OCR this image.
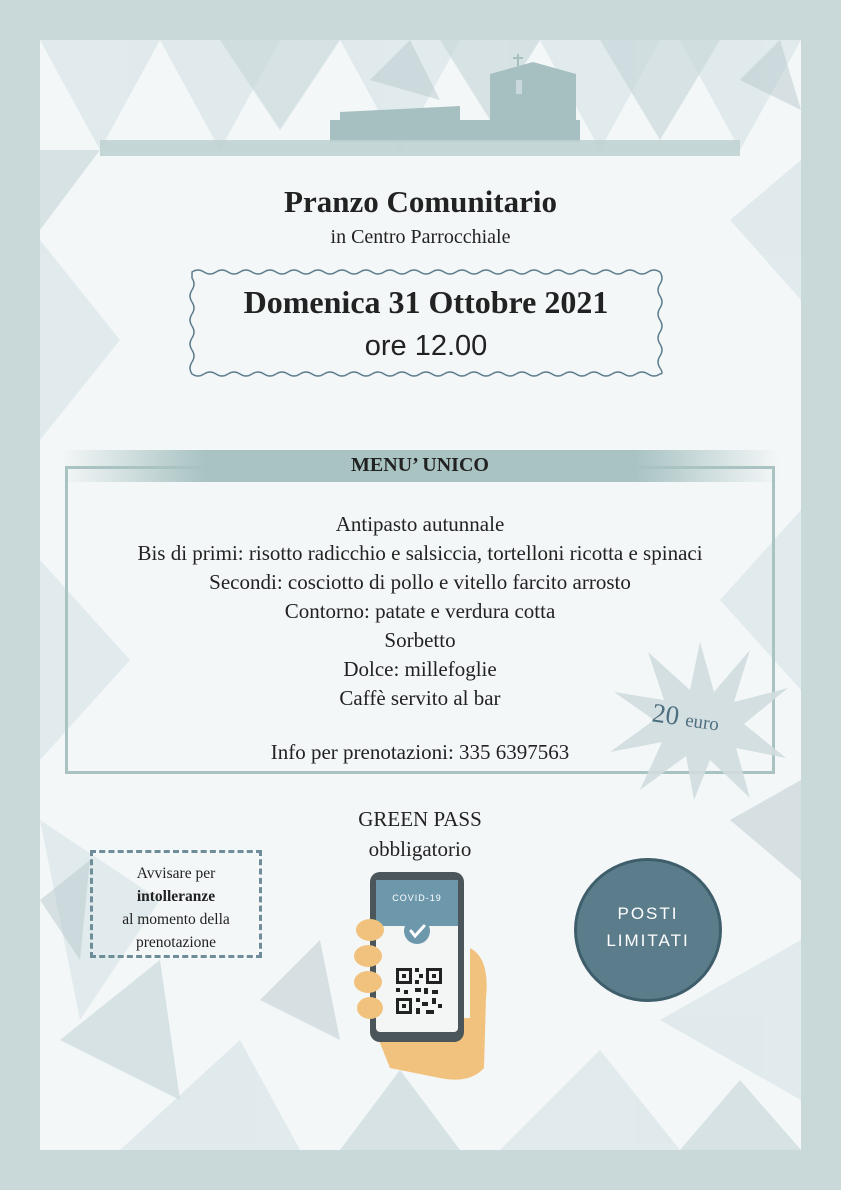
Pranzo Comunitario
in Centro Parrocchiale
Domenica 31 Ottobre 2021
ore 12.00
MENU’ UNICO
Antipasto autunnale
Bis di primi: risotto radicchio e salsiccia, tortelloni ricotta e spinaci
Secondi: cosciotto di pollo e vitello farcito arrosto
Contorno: patate e verdura cotta
Sorbetto
Dolce: millefoglie
Caffè servito al bar	20 euro
Info per prenotazioni: 335 6397563
GREEN PASS
obbligatorio
COVID-19
Avvisare per
intolleranze
al momento della
prenotazione
POSTI
LIMITATI
